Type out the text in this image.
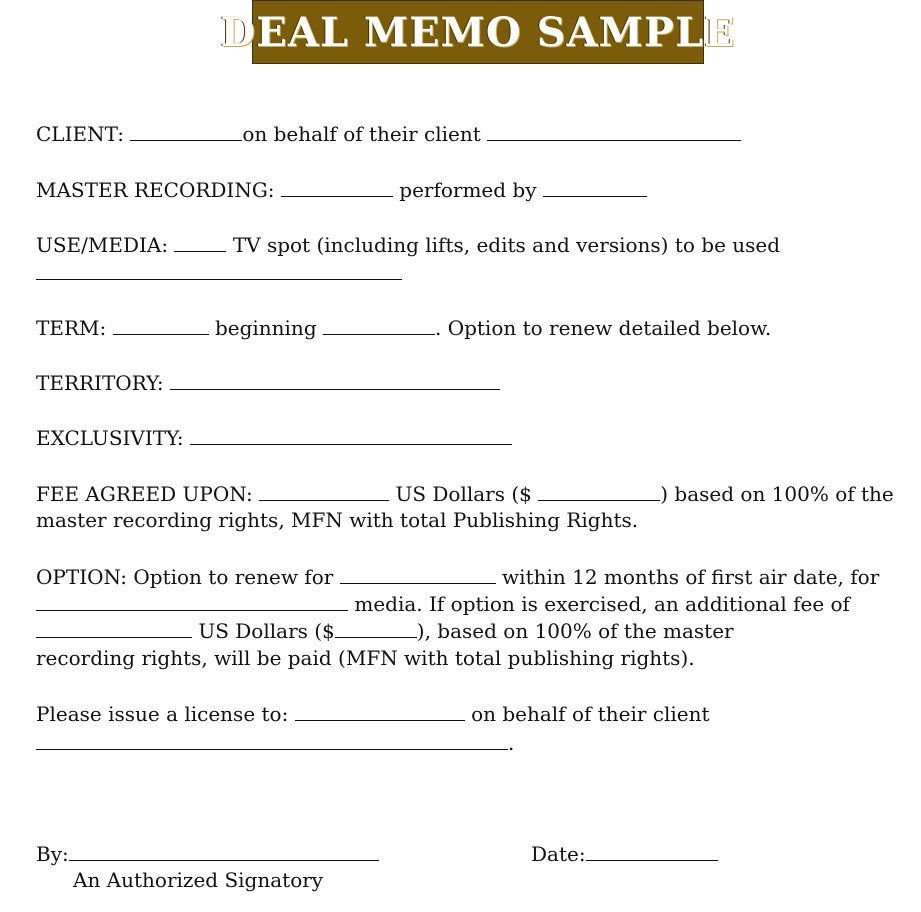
DEAL MEMO SAMPLE
CLIENT:	on behalf of their client
MASTER RECORDING:	performed by
USE/MEDIA:	TV spot (including lifts, edits and versions) to be used
TERM:	beginning	. Option to renew detailed below.
TERRITORY:
EXCLUSIVITY:
FEE AGREED UPON:	US Dollars ($	) based on 100% of the
master recording rights, MFN with total Publishing Rights.
OPTION: Option to renew for	within 12 months of first air date, for
media. If option is exercised, an additional fee of
US Dollars ($	), based on 100% of the master
recording rights, will be paid (MFN with total publishing rights).
Please issue a license to:	on behalf of their client
.
By:
An Authorized Signatory
Date:
